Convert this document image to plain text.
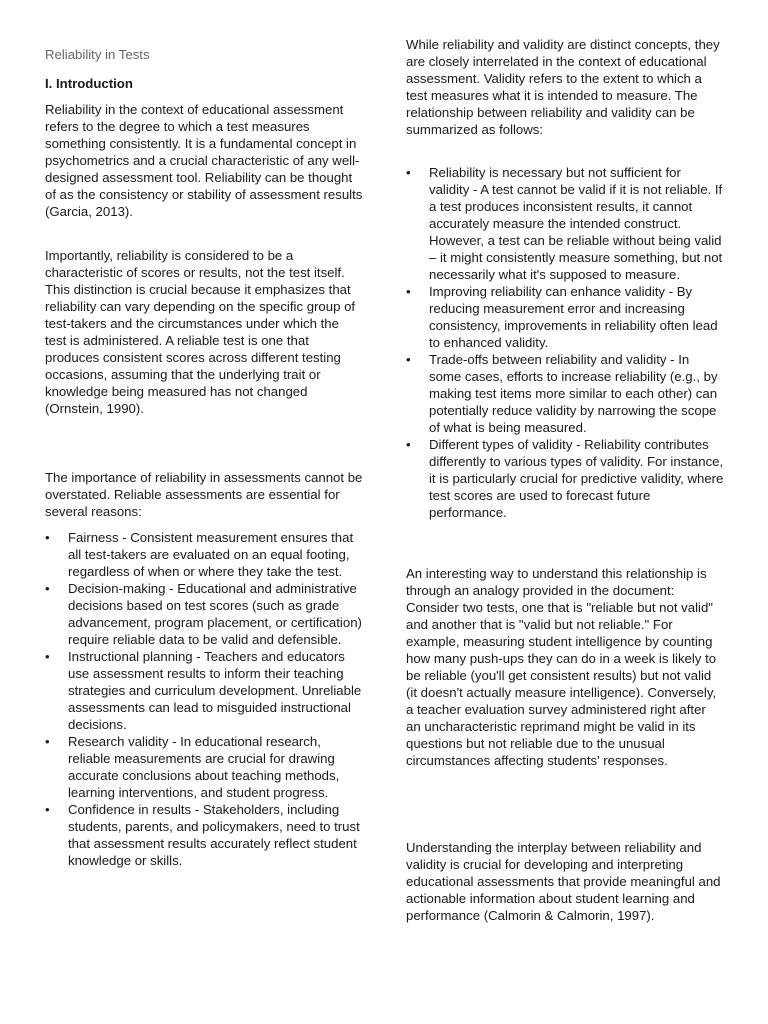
Reliability in Tests

I. Introduction

Reliability in the context of educational assessment refers to the degree to which a test measures something consistently. It is a fundamental concept in psychometrics and a crucial characteristic of any well-designed assessment tool. Reliability can be thought of as the consistency or stability of assessment results (Garcia, 2013).

Importantly, reliability is considered to be a characteristic of scores or results, not the test itself. This distinction is crucial because it emphasizes that reliability can vary depending on the specific group of test-takers and the circumstances under which the test is administered. A reliable test is one that produces consistent scores across different testing occasions, assuming that the underlying trait or knowledge being measured has not changed (Ornstein, 1990).

The importance of reliability in assessments cannot be overstated. Reliable assessments are essential for several reasons:

•	Fairness - Consistent measurement ensures that all test-takers are evaluated on an equal footing, regardless of when or where they take the test.
•	Decision-making - Educational and administrative decisions based on test scores (such as grade advancement, program placement, or certification) require reliable data to be valid and defensible.
•	Instructional planning - Teachers and educators use assessment results to inform their teaching strategies and curriculum development. Unreliable assessments can lead to misguided instructional decisions.
•	Research validity - In educational research, reliable measurements are crucial for drawing accurate conclusions about teaching methods, learning interventions, and student progress.
•	Confidence in results - Stakeholders, including students, parents, and policymakers, need to trust that assessment results accurately reflect student knowledge or skills.

While reliability and validity are distinct concepts, they are closely interrelated in the context of educational assessment. Validity refers to the extent to which a test measures what it is intended to measure. The relationship between reliability and validity can be summarized as follows:

•	Reliability is necessary but not sufficient for validity - A test cannot be valid if it is not reliable. If a test produces inconsistent results, it cannot accurately measure the intended construct. However, a test can be reliable without being valid – it might consistently measure something, but not necessarily what it's supposed to measure.
•	Improving reliability can enhance validity - By reducing measurement error and increasing consistency, improvements in reliability often lead to enhanced validity.
•	Trade-offs between reliability and validity - In some cases, efforts to increase reliability (e.g., by making test items more similar to each other) can potentially reduce validity by narrowing the scope of what is being measured.
•	Different types of validity - Reliability contributes differently to various types of validity. For instance, it is particularly crucial for predictive validity, where test scores are used to forecast future performance.

An interesting way to understand this relationship is through an analogy provided in the document: Consider two tests, one that is "reliable but not valid" and another that is "valid but not reliable." For example, measuring student intelligence by counting how many push-ups they can do in a week is likely to be reliable (you'll get consistent results) but not valid (it doesn't actually measure intelligence). Conversely, a teacher evaluation survey administered right after an uncharacteristic reprimand might be valid in its questions but not reliable due to the unusual circumstances affecting students' responses.

Understanding the interplay between reliability and validity is crucial for developing and interpreting educational assessments that provide meaningful and actionable information about student learning and performance (Calmorin & Calmorin, 1997).
